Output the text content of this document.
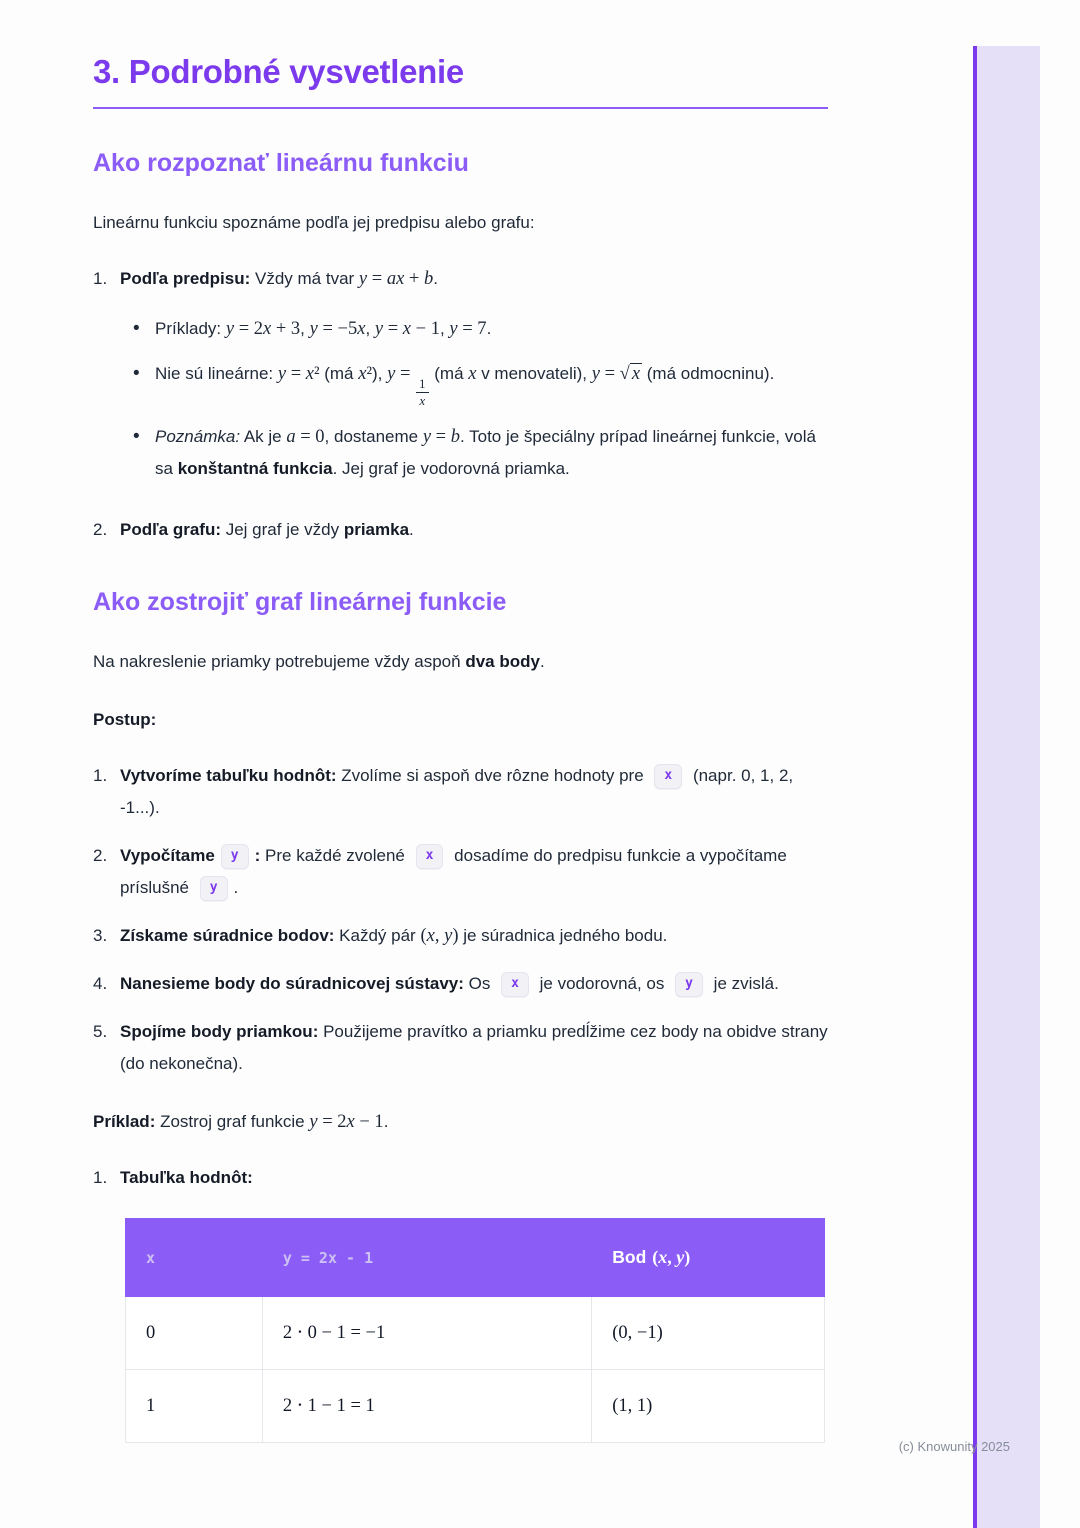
3. Podrobné vysvetlenie
Ako rozpoznať lineárnu funkciu

Lineárnu funkciu spoznáme podľa jej predpisu alebo grafu:

1. Podľa predpisu: Vždy má tvar y = ax + b.
•
Príklady: y = 2x + 3, y = −5x, y = x − 1, y = 7.
•
Nie sú lineárne: y = x² (má x²), y =
$\frac{1}{x}$
(má x v menovateli), y = √ x (má odmocninu).
•
Poznámka: Ak je a = 0, dostaneme y = b. Toto je špeciálny prípad lineárnej funkcie, volá sa konštantná funkcia. Jej graf je vodorovná priamka.
2. Podľa grafu: Jej graf je vždy priamka.
Ako zostrojiť graf lineárnej funkcie

Na nakreslenie priamky potrebujeme vždy aspoň dva body.

Postup:

1. Vytvoríme tabuľku hodnôt: Zvolíme si aspoň dve rôzne hodnoty pre x (napr. 0, 1, 2, -1...).
2. Vypočítame y : Pre každé zvolené x dosadíme do predpisu funkcie a vypočítame príslušné y .
3. Získame súradnice bodov: Každý pár (x, y) je súradnica jedného bodu.
4. Nanesieme body do súradnicovej sústavy: Os x je vodorovná, os y je zvislá.
5. Spojíme body priamkou: Použijeme pravítko a priamku predĺžime cez body na obidve strany (do nekonečna).

Príklad: Zostroj graf funkcie y = 2x − 1.

1. Tabuľka hodnôt:
x	y = 2x - 1	Bod (x, y)
0	2 ⋅ 0 − 1 = −1	(0, −1)
1	2 ⋅ 1 − 1 = 1	(1, 1)
(c) Knowunity 2025
